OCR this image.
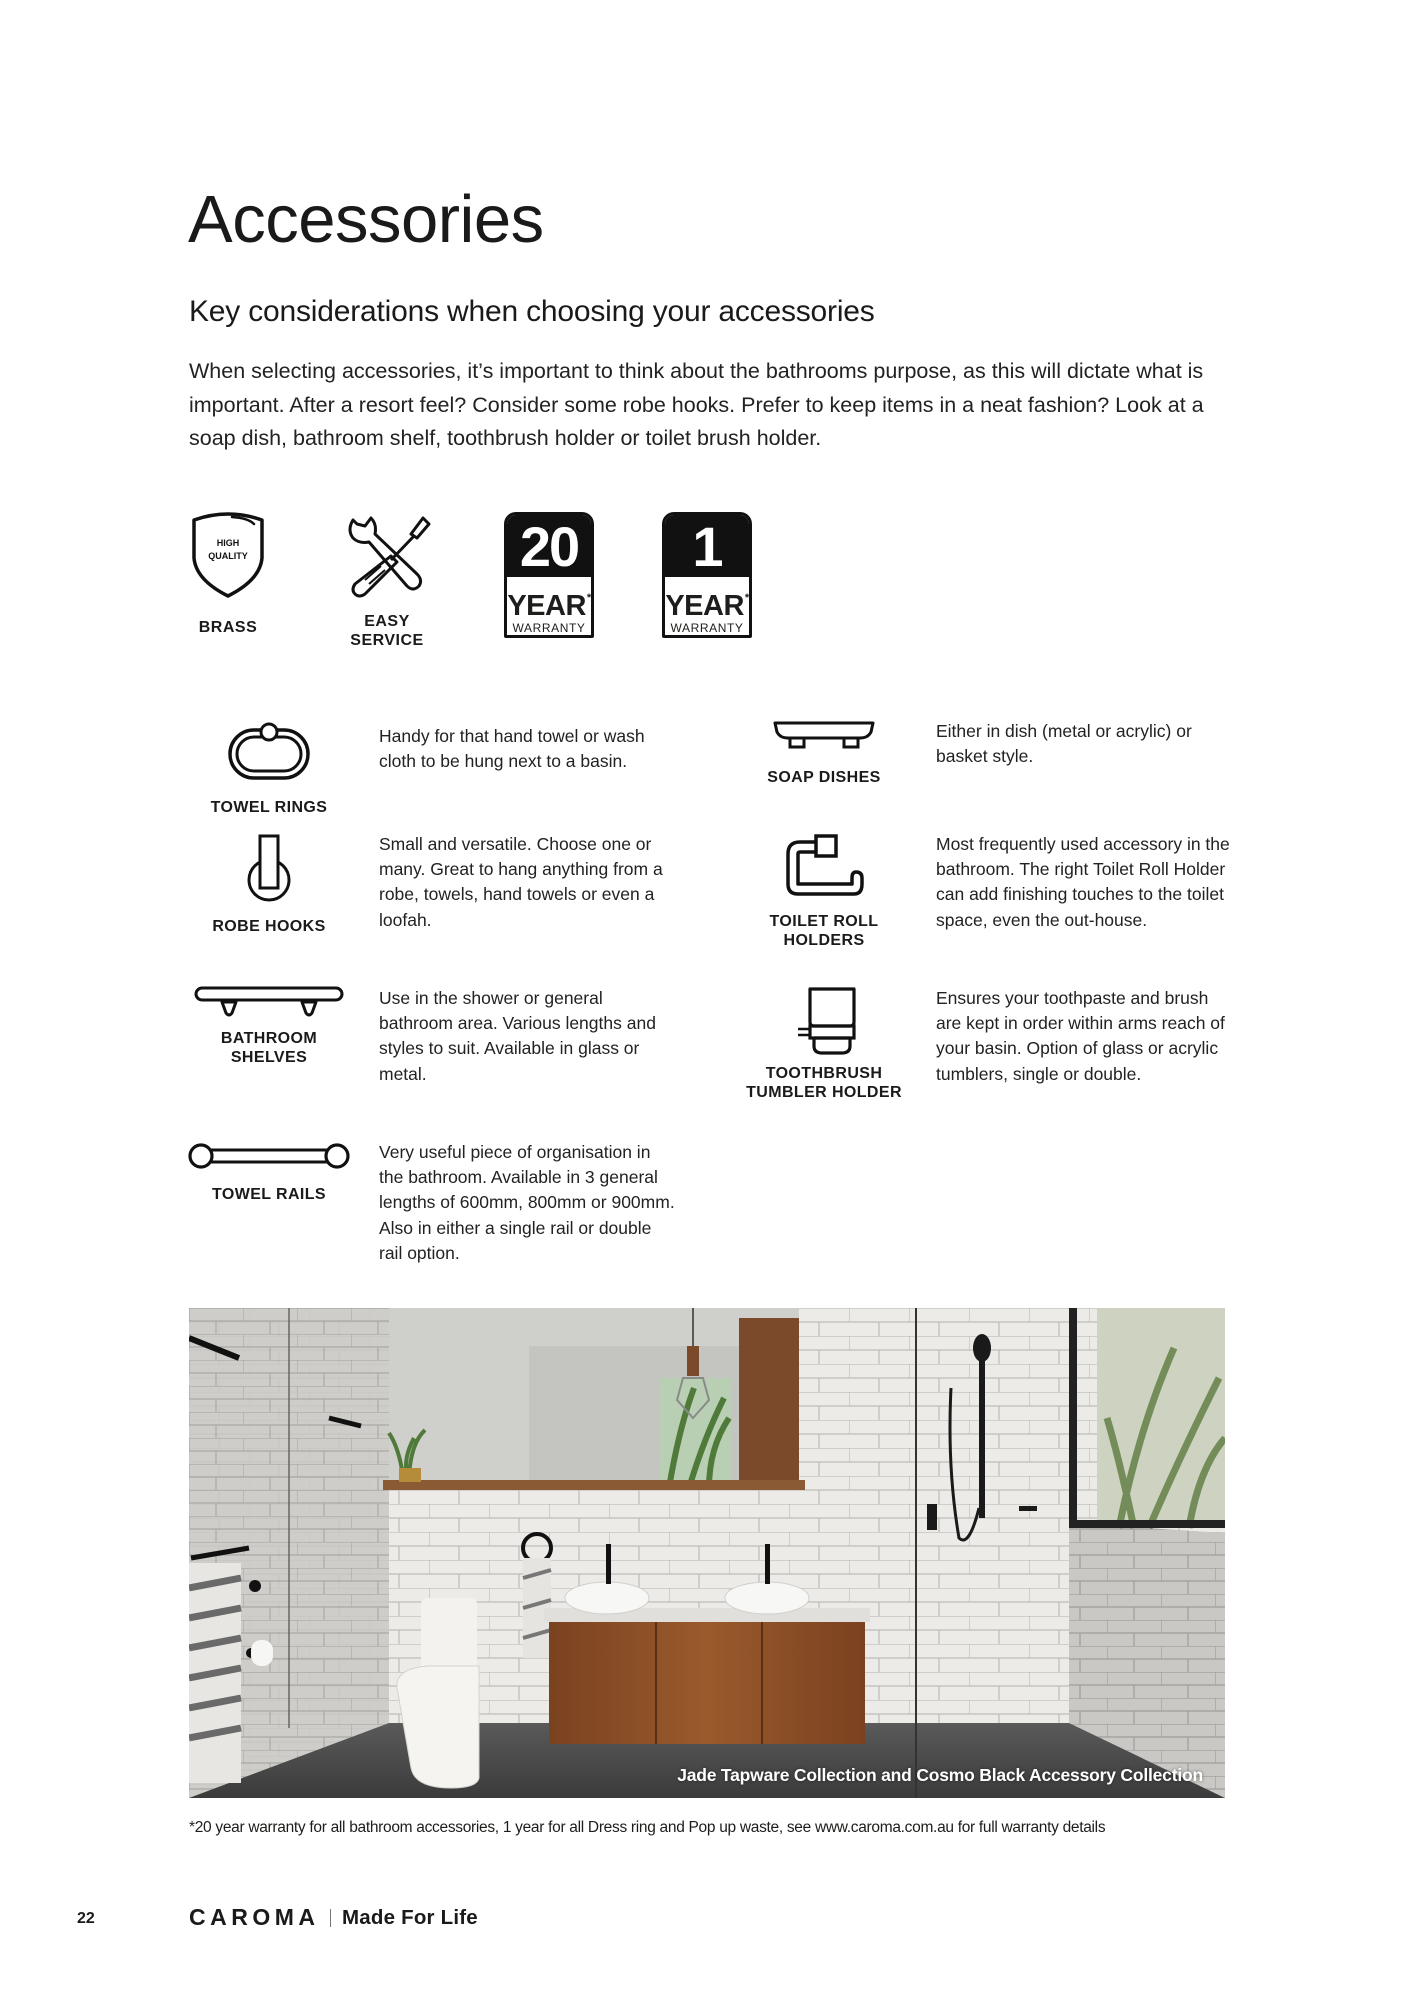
Accessories
Key considerations when choosing your accessories

When selecting accessories, it’s important to think about the bathrooms purpose, as this will dictate what is important. After a resort feel? Consider some robe hooks. Prefer to keep items in a neat fashion? Look at a soap dish, bathroom shelf, toothbrush holder or toilet brush holder.

HIGH
QUALITY
BRASS	EASY
SERVICE
20
YEAR*
WARRANTY
1
YEAR*
WARRANTY
TOWEL RINGS

Handy for that hand towel or wash cloth to be hung next to a basin.

ROBE HOOKS

Small and versatile. Choose one or many. Great to hang anything from a robe, towels, hand towels or even a loofah.

BATHROOM
SHELVES

Use in the shower or general bathroom area. Various lengths and styles to suit. Available in glass or metal.

TOWEL RAILS

Very useful piece of organisation in the bathroom. Available in 3 general lengths of 600mm, 800mm or 900mm. Also in either a single rail or double rail option.

SOAP DISHES

Either in dish (metal or acrylic) or basket style.

TOILET ROLL
HOLDERS

Most frequently used accessory in the bathroom. The right Toilet Roll Holder can add finishing touches to the toilet space, even the out-house.

TOOTHBRUSH
TUMBLER HOLDER

Ensures your toothpaste and brush are kept in order within arms reach of your basin. Option of glass or acrylic tumblers, single or double.

Jade Tapware Collection and Cosmo Black Accessory Collection

*20 year warranty for all bathroom accessories, 1 year for all Dress ring and Pop up waste, see www.caroma.com.au for full warranty details

22	CAROMA Made For Life
